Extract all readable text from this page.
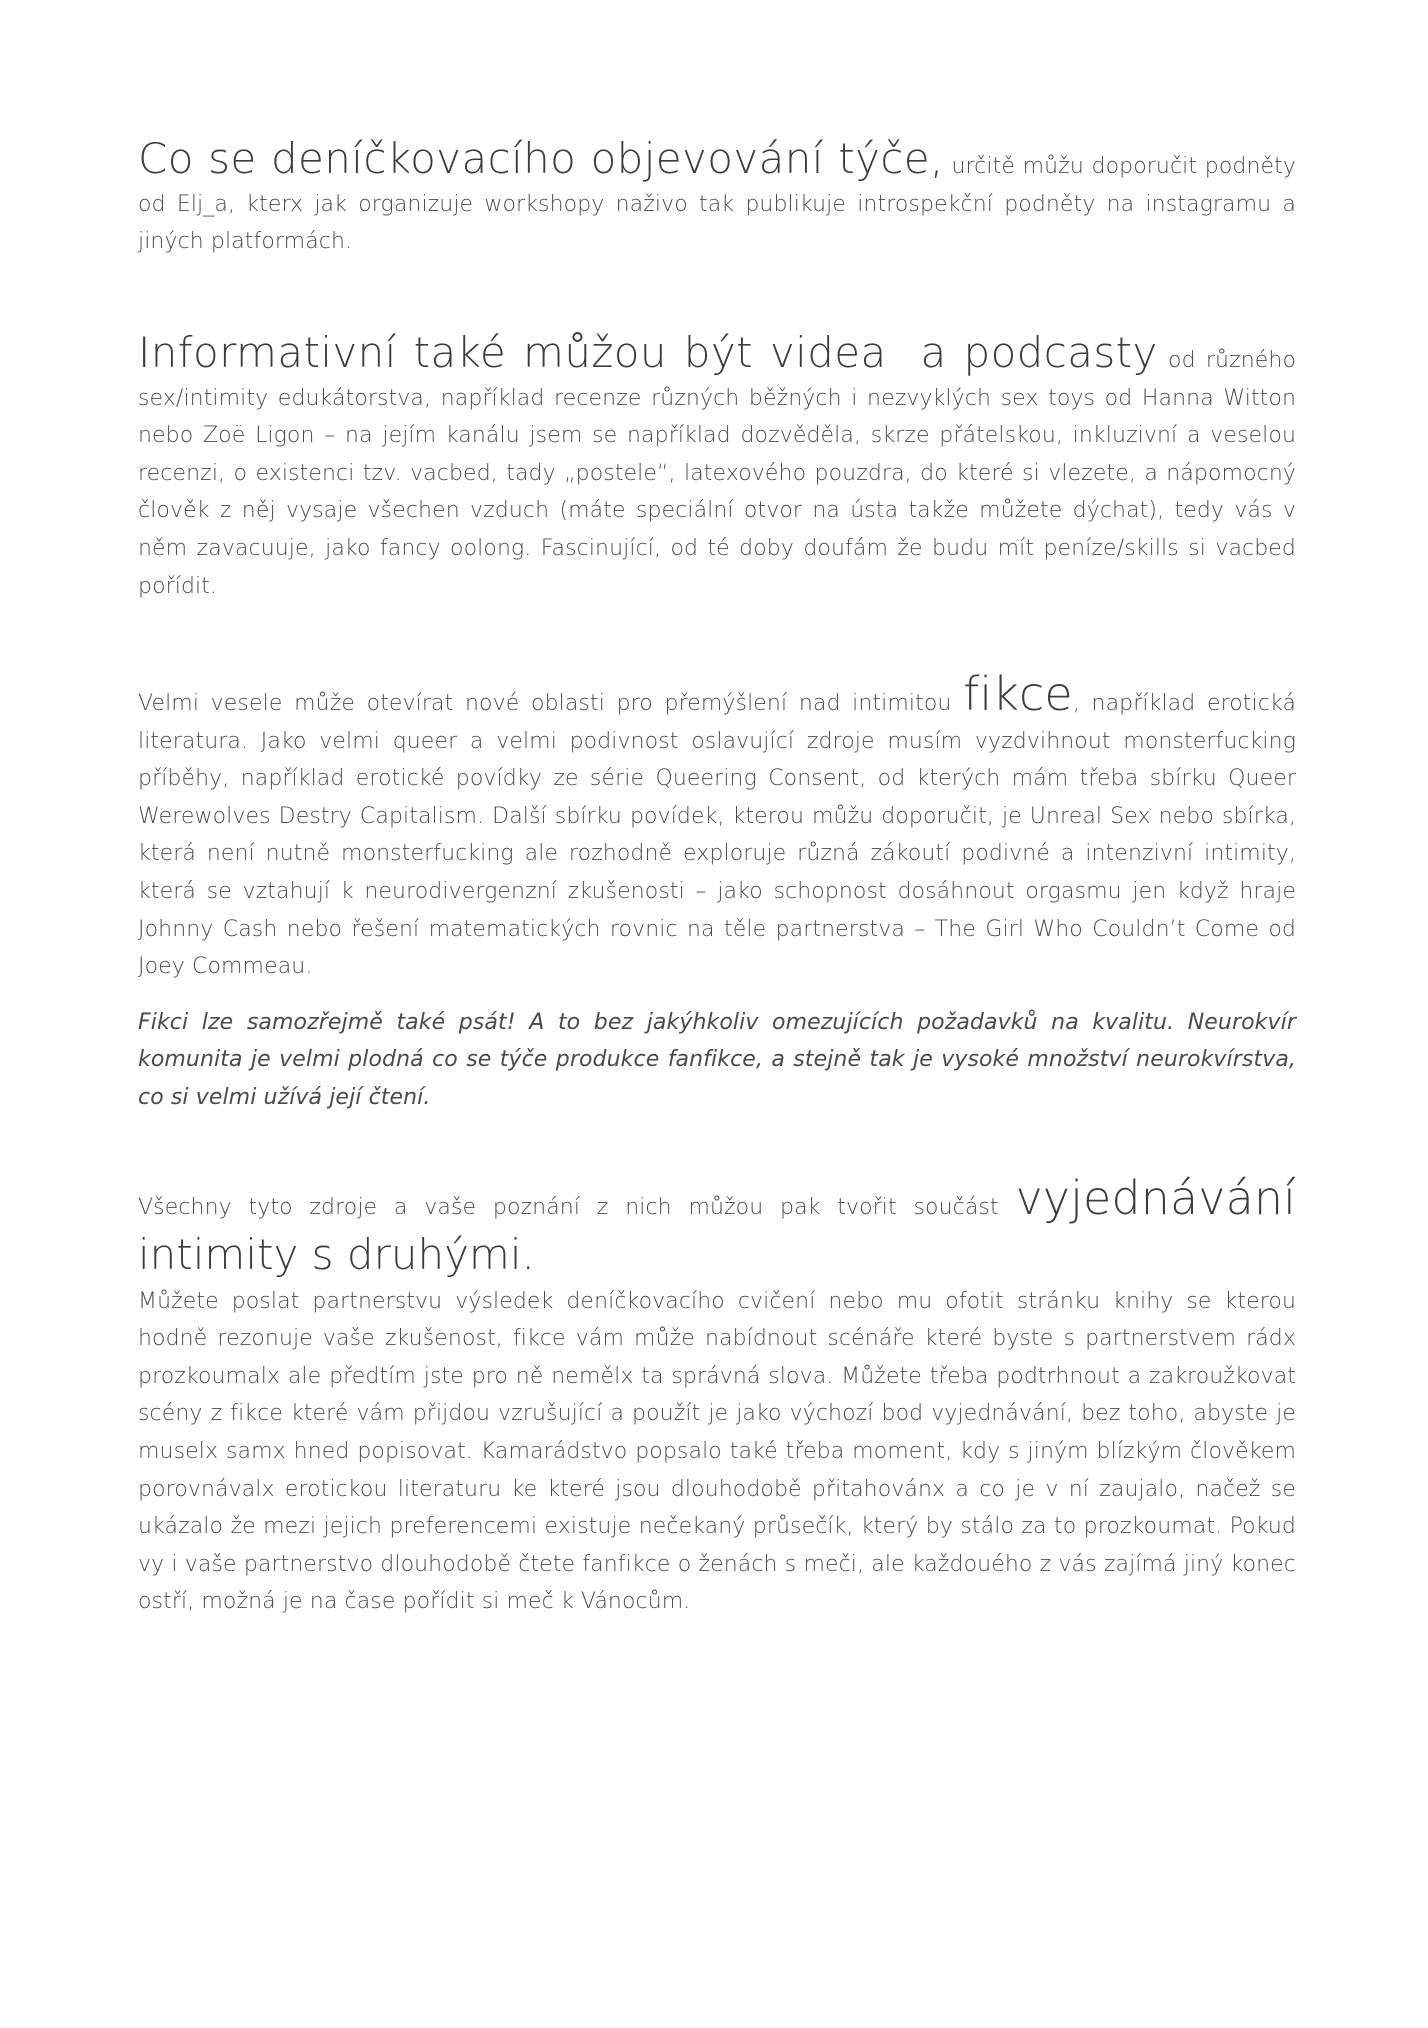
Co se deníčkovacího objevování týče, určitě můžu doporučit podněty od Elj_a, kterx jak organizuje workshopy naživo tak publikuje introspekční podněty na instagramu a jiných platformách.

Informativní také můžou být videa a podcasty od různého sex/intimity edukátorstva, například recenze různých běžných i nezvyklých sex toys od Hanna Witton nebo Zoë Ligon – na jejím kanálu jsem se například dozvěděla, skrze přátelskou, inkluzivní a veselou recenzi, o existenci tzv. vacbed, tady „postele“, latexového pouzdra, do které si vlezete, a nápomocný člověk z něj vysaje všechen vzduch (máte speciální otvor na ústa takže můžete dýchat), tedy vás v něm zavacuuje, jako fancy oolong. Fascinující, od té doby doufám že budu mít peníze/skills si vacbed pořídit.

Velmi vesele může otevírat nové oblasti pro přemýšlení nad intimitou fikce, například erotická literatura. Jako velmi queer a velmi podivnost oslavující zdroje musím vyzdvihnout monsterfucking příběhy, například erotické povídky ze série Queering Consent, od kterých mám třeba sbírku Queer Werewolves Destry Capitalism. Další sbírku povídek, kterou můžu doporučit, je Unreal Sex nebo sbírka, která není nutně monsterfucking ale rozhodně exploruje různá zákoutí podivné a intenzivní intimity, která se vztahují k neurodivergenzní zkušenosti – jako schopnost dosáhnout orgasmu jen když hraje Johnny Cash nebo řešení matematických rovnic na těle partnerstva – The Girl Who Couldn’t Come od Joey Commeau.

Fikci lze samozřejmě také psát! A to bez jakýhkoliv omezujících požadavků na kvalitu. Neurokvír komunita je velmi plodná co se týče produkce fanfikce, a stejně tak je vysoké množství neurokvírstva, co si velmi užívá její čtení.

Všechny tyto zdroje a vaše poznání z nich můžou pak tvořit součást vyjednávání

intimity s druhými.

Můžete poslat partnerstvu výsledek deníčkovacího cvičení nebo mu ofotit stránku knihy se kterou hodně rezonuje vaše zkušenost, fikce vám může nabídnout scénáře které byste s partnerstvem rádx prozkoumalx ale předtím jste pro ně nemělx ta správná slova. Můžete třeba podtrhnout a zakroužkovat scény z fikce které vám přijdou vzrušující a použít je jako výchozí bod vyjednávání, bez toho, abyste je muselx samx hned popisovat. Kamarádstvo popsalo také třeba moment, kdy s jiným blízkým člověkem porovnávalx erotickou literaturu ke které jsou dlouhodobě přitahovánx a co je v ní zaujalo, načež se ukázalo že mezi jejich preferencemi existuje nečekaný průsečík, který by stálo za to prozkoumat. Pokud vy i vaše partnerstvo dlouhodobě čtete fanfikce o ženách s meči, ale každouého z vás zajímá jiný konec ostří, možná je na čase pořídit si meč k Vánocům.
